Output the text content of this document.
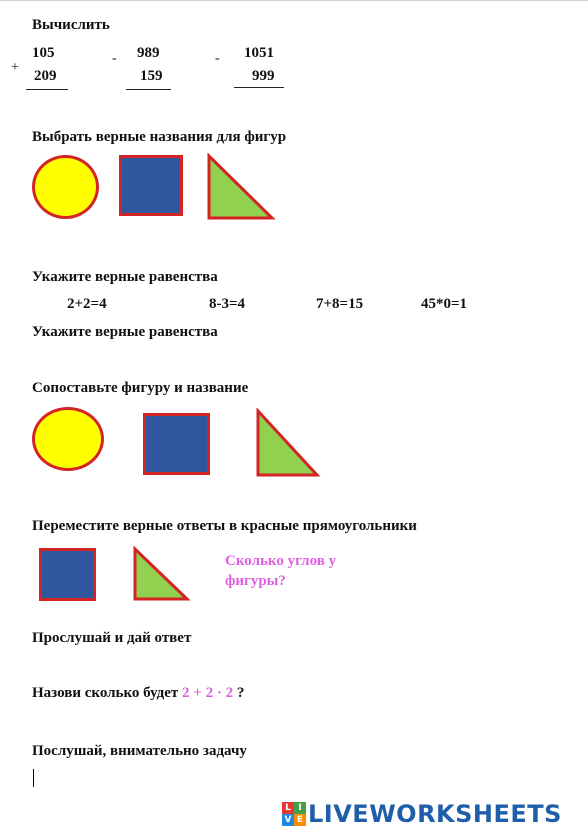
Вычислить
+
105
209
- 989
159
- 1051
999
Выбрать верные названия для фигур
Укажите верные равенства
2+2=4	8-3=4	7+8=15	45*0=1
Укажите верные равенства
Сопоставьте фигуру и название
Переместите верные ответы в красные прямоугольники
Сколько углов у
фигуры?
Прослушай и дай ответ
Назови сколько будет 2 + 2 · 2 ?
Послушай, внимательно задачу
L I
V E LIVEWORKSHEETS
